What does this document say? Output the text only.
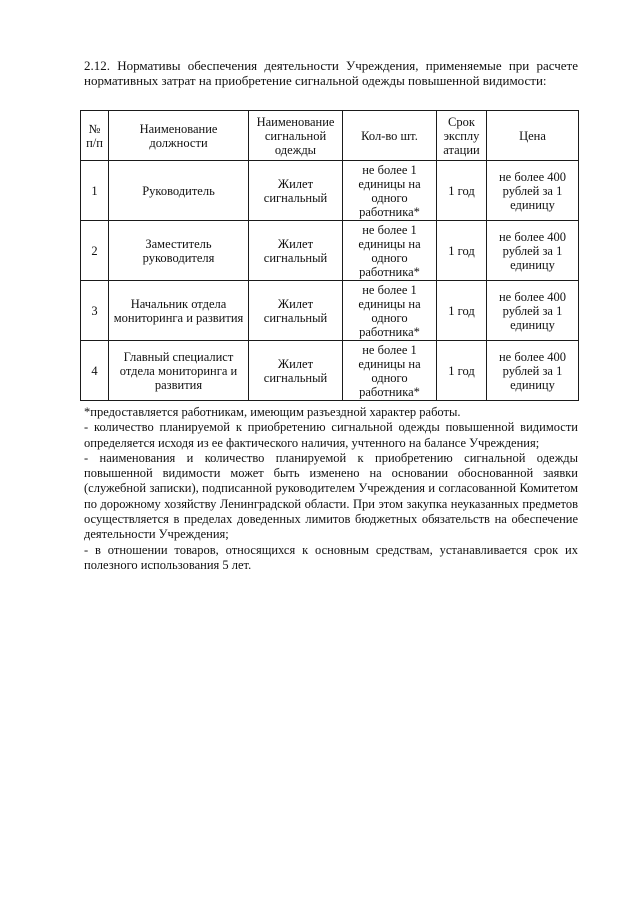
2.12. Нормативы обеспечения деятельности Учреждения, применяемые при расчете нормативных затрат на приобретение сигнальной одежды повышенной видимости:
№ п/п	Наименование должности	Наименование сигнальной одежды	Кол-во шт.	Срок эксплу атации	Цена
1	Руководитель	Жилет сигнальный	не более 1 единицы на одного работника*	1 год	не более 400 рублей за 1 единицу
2	Заместитель руководителя	Жилет сигнальный	не более 1 единицы на одного работника*	1 год	не более 400 рублей за 1 единицу
3	Начальник отдела мониторинга и развития	Жилет сигнальный	не более 1 единицы на одного работника*	1 год	не более 400 рублей за 1 единицу
4	Главный специалист отдела мониторинга и развития	Жилет сигнальный	не более 1 единицы на одного работника*	1 год	не более 400 рублей за 1 единицу

*предоставляется работникам, имеющим разъездной характер работы.

- количество планируемой к приобретению сигнальной одежды повышенной видимости определяется исходя из ее фактического наличия, учтенного на балансе Учреждения;

- наименования и количество планируемой к приобретению сигнальной одежды повышенной видимости может быть изменено на основании обоснованной заявки (служебной записки), подписанной руководителем Учреждения и согласованной Комитетом по дорожному хозяйству Ленинградской области. При этом закупка неуказанных предметов осуществляется в пределах доведенных лимитов бюджетных обязательств на обеспечение деятельности Учреждения;

- в отношении товаров, относящихся к основным средствам, устанавливается срок их полезного использования 5 лет.
